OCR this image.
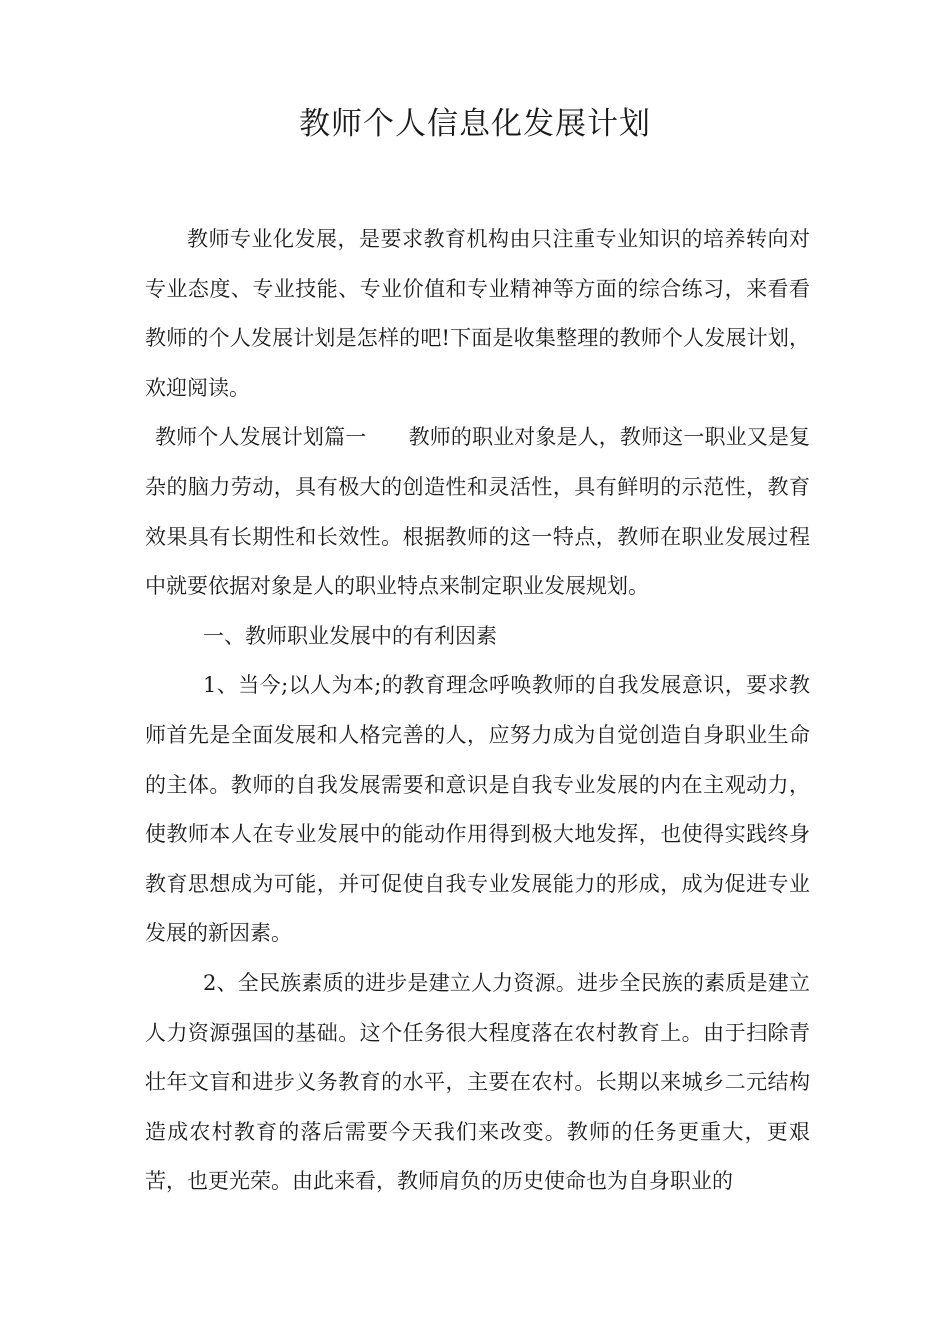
教师个人信息化发展计划

教师专业化发展，是要求教育机构由只注重专业知识的培养转向对专业态度、专业技能、专业价值和专业精神等方面的综合练习，来看看教师的个人发展计划是怎样的吧!下面是收集整理的教师个人发展计划，欢迎阅读。

教师个人发展计划篇一　　教师的职业对象是人，教师这一职业又是复杂的脑力劳动，具有极大的创造性和灵活性，具有鲜明的示范性，教育效果具有长期性和长效性。根据教师的这一特点，教师在职业发展过程中就要依据对象是人的职业特点来制定职业发展规划。

一、教师职业发展中的有利因素

1、当今;以人为本;的教育理念呼唤教师的自我发展意识，要求教师首先是全面发展和人格完善的人，应努力成为自觉创造自身职业生命的主体。教师的自我发展需要和意识是自我专业发展的内在主观动力，使教师本人在专业发展中的能动作用得到极大地发挥，也使得实践终身教育思想成为可能，并可促使自我专业发展能力的形成，成为促进专业发展的新因素。

2、全民族素质的进步是建立人力资源。进步全民族的素质是建立人力资源强国的基础。这个任务很大程度落在农村教育上。由于扫除青壮年文盲和进步义务教育的水平，主要在农村。长期以来城乡二元结构造成农村教育的落后需要今天我们来改变。教师的任务更重大，更艰苦，也更光荣。由此来看，教师肩负的历史使命也为自身职业的
